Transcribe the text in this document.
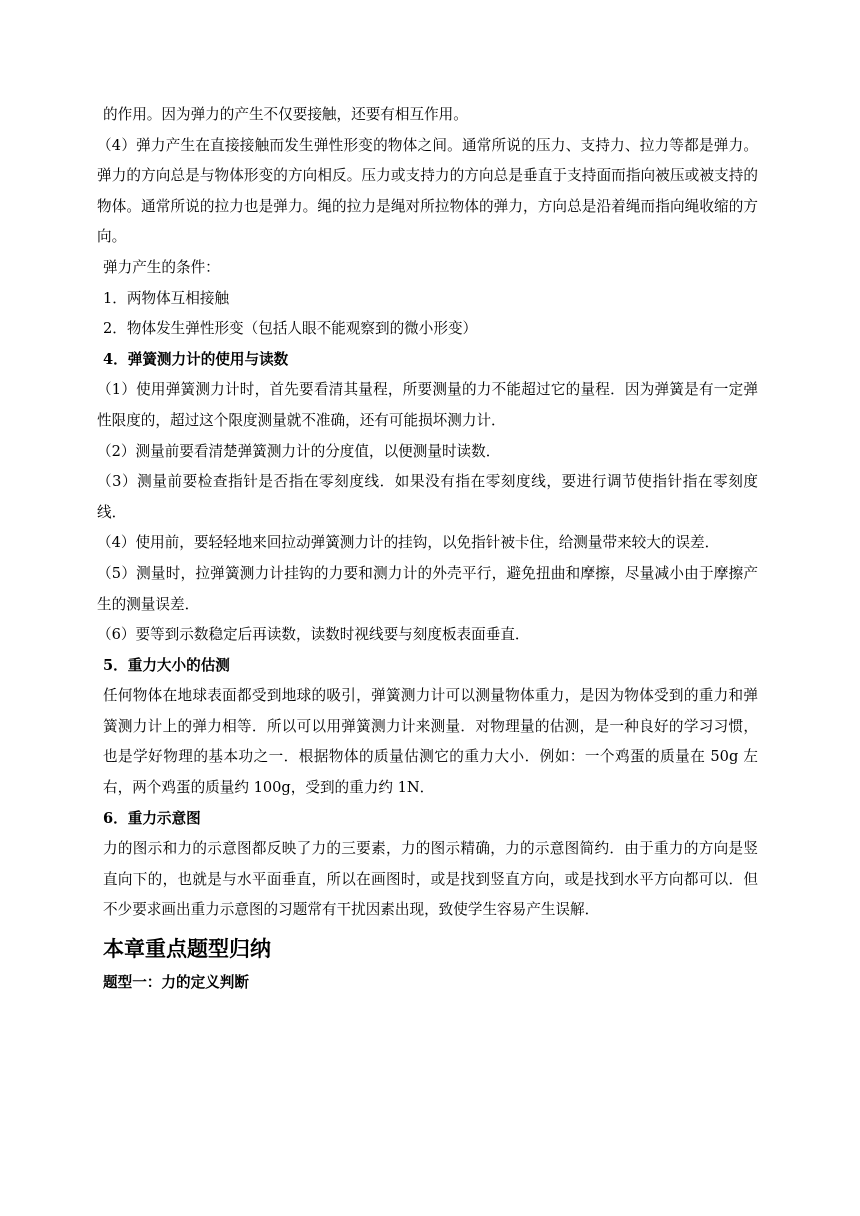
的作用。因为弹力的产生不仅要接触，还要有相互作用。

（4）弹力产生在直接接触而发生弹性形变的物体之间。通常所说的压力、支持力、拉力等都是弹力。弹力的方向总是与物体形变的方向相反。压力或支持力的方向总是垂直于支持面而指向被压或被支持的物体。通常所说的拉力也是弹力。绳的拉力是绳对所拉物体的弹力，方向总是沿着绳而指向绳收缩的方向。

弹力产生的条件：

1．两物体互相接触

2．物体发生弹性形变（包括人眼不能观察到的微小形变）

4．弹簧测力计的使用与读数

（1）使用弹簧测力计时，首先要看清其量程，所要测量的力不能超过它的量程．因为弹簧是有一定弹性限度的，超过这个限度测量就不准确，还有可能损坏测力计．

（2）测量前要看清楚弹簧测力计的分度值，以便测量时读数．

（3）测量前要检查指针是否指在零刻度线．如果没有指在零刻度线，要进行调节使指针指在零刻度线．

（4）使用前，要轻轻地来回拉动弹簧测力计的挂钩，以免指针被卡住，给测量带来较大的误差．

（5）测量时，拉弹簧测力计挂钩的力要和测力计的外壳平行，避免扭曲和摩擦，尽量减小由于摩擦产生的测量误差．

（6）要等到示数稳定后再读数，读数时视线要与刻度板表面垂直．

5．重力大小的估测

任何物体在地球表面都受到地球的吸引，弹簧测力计可以测量物体重力，是因为物体受到的重力和弹簧测力计上的弹力相等．所以可以用弹簧测力计来测量．对物理量的估测，是一种良好的学习习惯，也是学好物理的基本功之一．根据物体的质量估测它的重力大小．例如：一个鸡蛋的质量在 50g 左右，两个鸡蛋的质量约 100g，受到的重力约 1N．

6．重力示意图

力的图示和力的示意图都反映了力的三要素，力的图示精确，力的示意图简约．由于重力的方向是竖直向下的，也就是与水平面垂直，所以在画图时，或是找到竖直方向，或是找到水平方向都可以．但不少要求画出重力示意图的习题常有干扰因素出现，致使学生容易产生误解．

本章重点题型归纳

题型一：力的定义判断
